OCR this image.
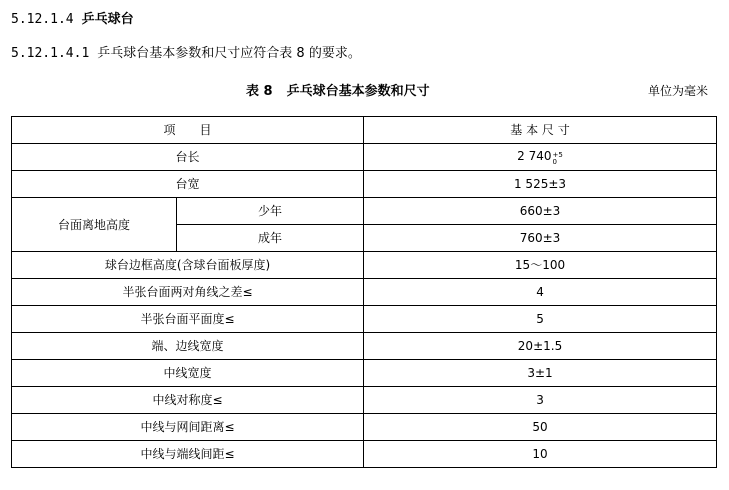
5.12.1.4 乒乓球台
5.12.1.4.1 乒乓球台基本参数和尺寸应符合表 8 的要求。
表 8 乒乓球台基本参数和尺寸	单位为毫米
项　　目		基 本 尺 寸
台长		2 740 +5
0

台宽		1 525±3
台面离地高度	少年	660±3
	成年	760±3
球台边框高度(含球台面板厚度)		15～100
半张台面两对角线之差≤		4
半张台面平面度≤		5
端、边线宽度		20±1.5
中线宽度		3±1
中线对称度≤		3
中线与网间距离≤		50
中线与端线间距≤		10
